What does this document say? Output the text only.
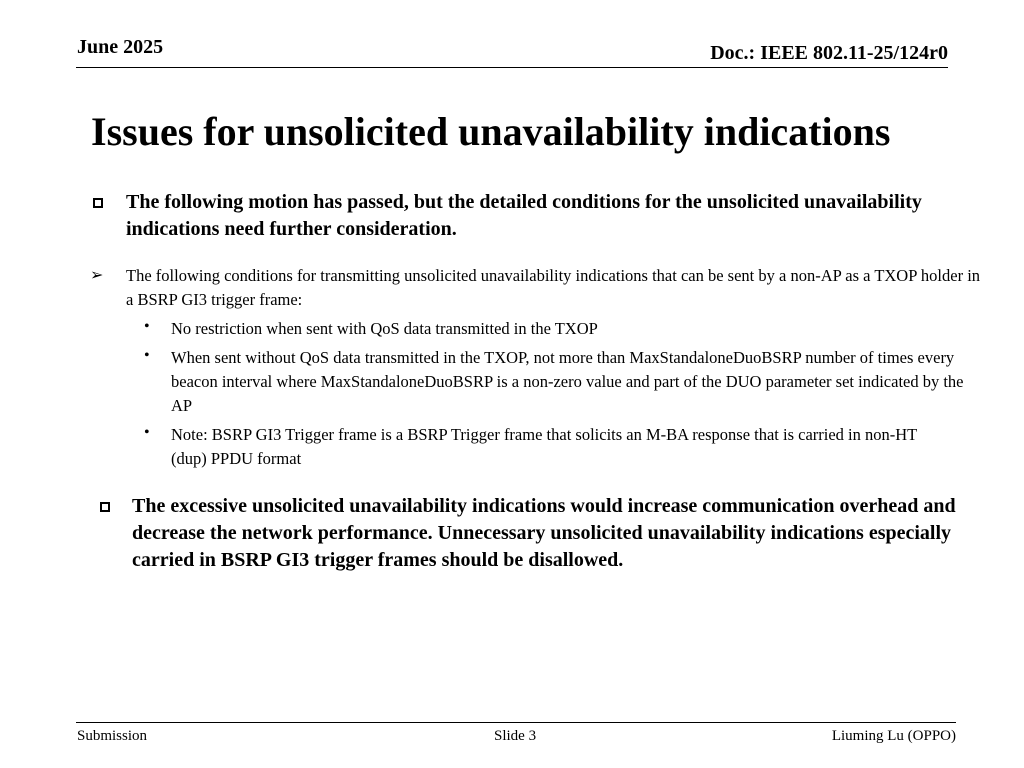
June 2025	Doc.: IEEE 802.11-25/124r0
Issues for unsolicited unavailability indications
The following motion has passed, but the detailed conditions for the unsolicited unavailability indications need further consideration.
➢ The following conditions for transmitting unsolicited unavailability indications that can be sent by a non-AP as a TXOP holder in a BSRP GI3 trigger frame:
• No restriction when sent with QoS data transmitted in the TXOP
• When sent without QoS data transmitted in the TXOP, not more than MaxStandaloneDuoBSRP number of times every beacon interval where MaxStandaloneDuoBSRP is a non-zero value and part of the DUO parameter set indicated by the AP
• Note: BSRP GI3 Trigger frame is a BSRP Trigger frame that solicits an M-BA response that is carried in non-HT (dup) PPDU format
The excessive unsolicited unavailability indications would increase communication overhead and decrease the network performance. Unnecessary unsolicited unavailability indications especially carried in BSRP GI3 trigger frames should be disallowed.
Submission	Slide 3	Liuming Lu (OPPO)
